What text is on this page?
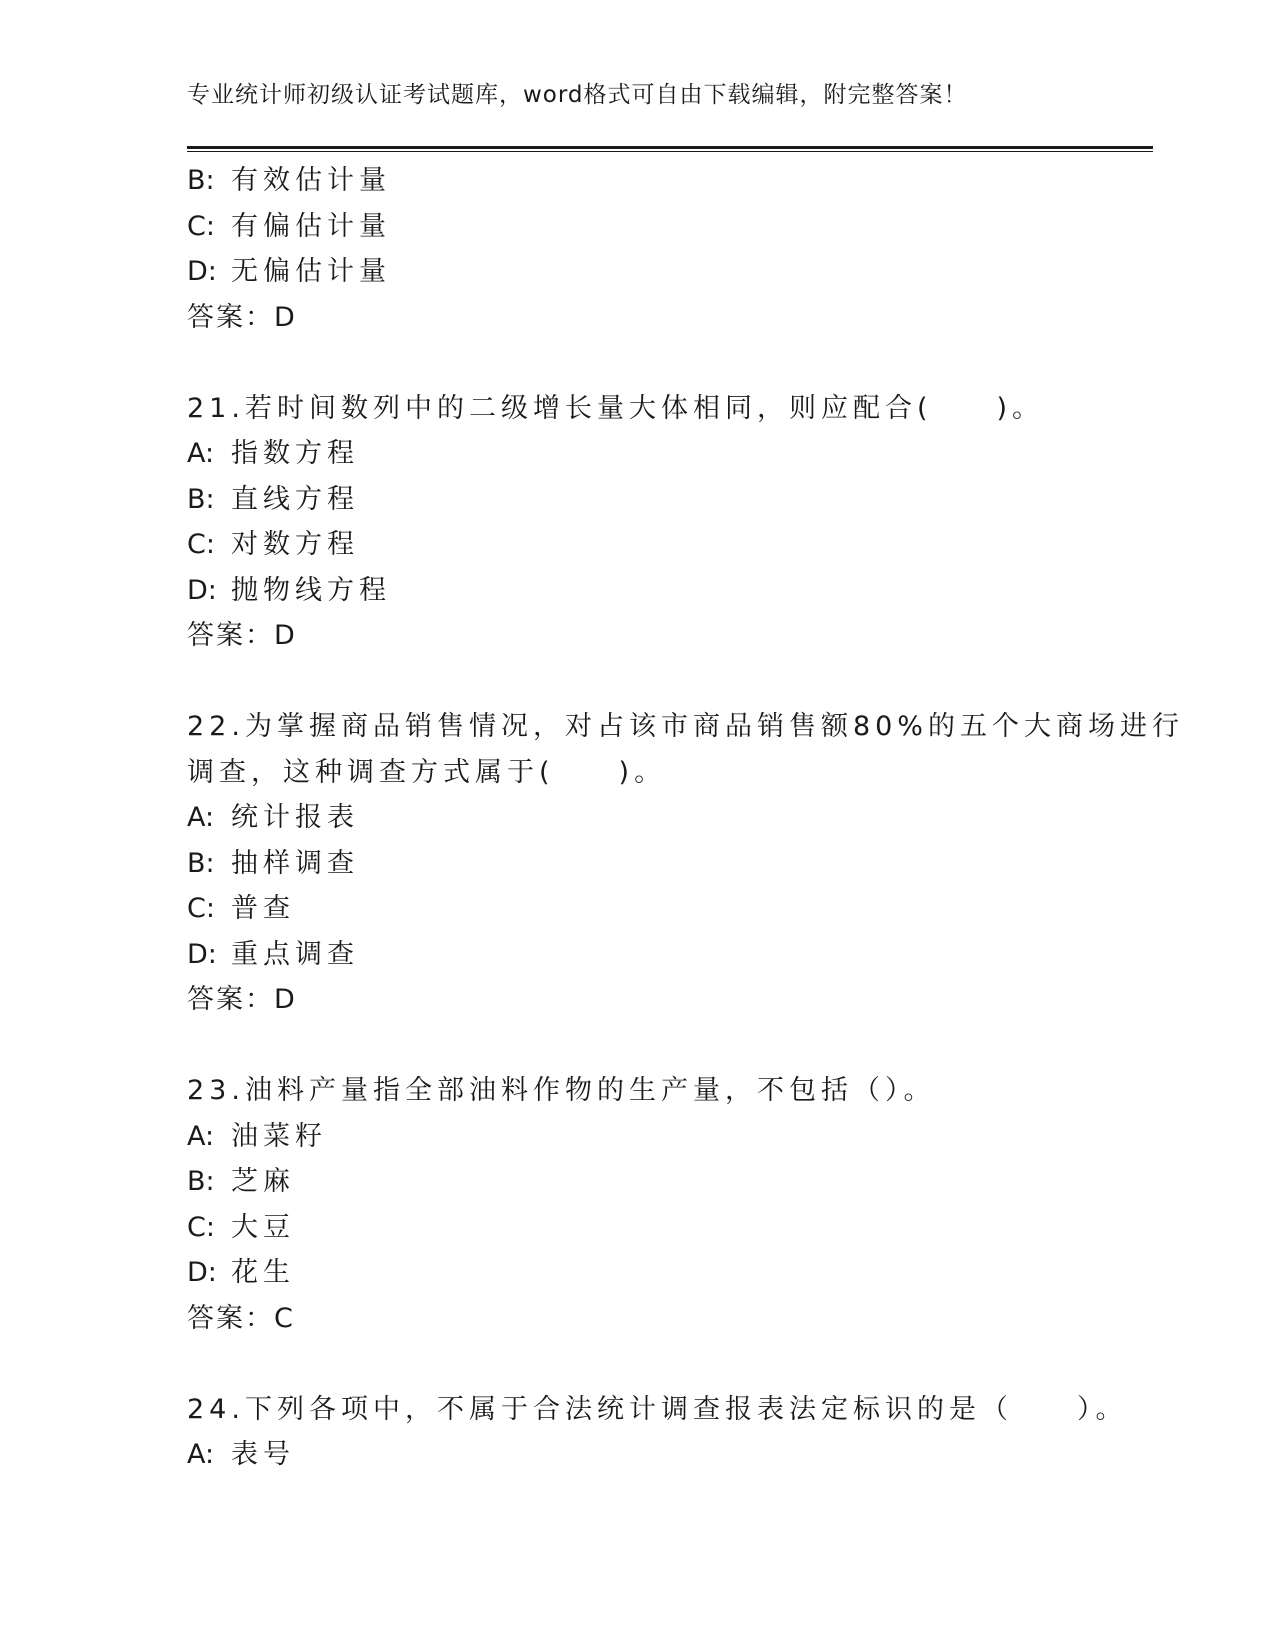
专业统计师初级认证考试题库，word格式可自由下载编辑，附完整答案！
B: 有效估计量
C: 有偏估计量
D: 无偏估计量
答案：D
21.若时间数列中的二级增长量大体相同，则应配合(　　)。
A: 指数方程
B: 直线方程
C: 对数方程
D: 抛物线方程
答案：D
22.为掌握商品销售情况，对占该市商品销售额80%的五个大商场进行
调查，这种调查方式属于(　　)。
A: 统计报表
B: 抽样调查
C: 普查
D: 重点调查
答案：D
23.油料产量指全部油料作物的生产量，不包括（）。
A: 油菜籽
B: 芝麻
C: 大豆
D: 花生
答案：C
24.下列各项中，不属于合法统计调查报表法定标识的是（　　）。
A: 表号
